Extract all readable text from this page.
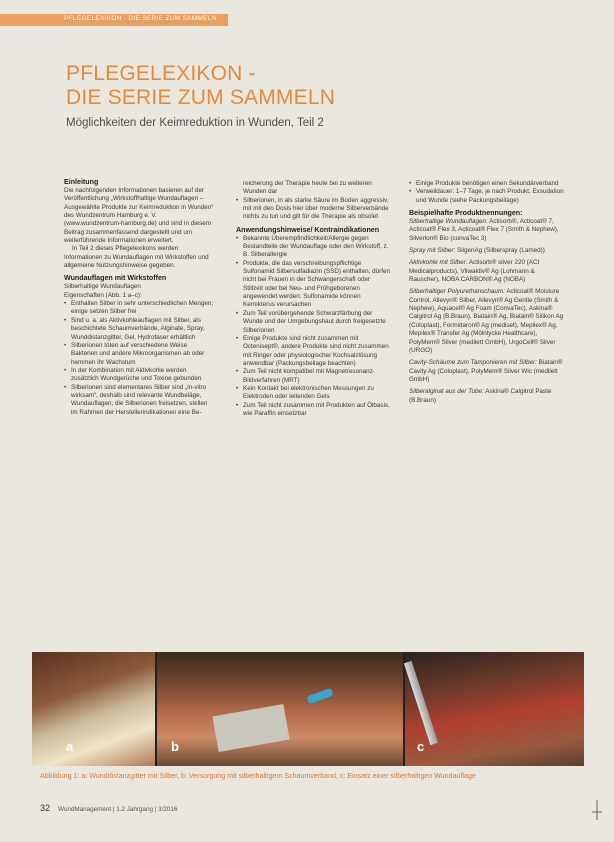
PFLEGELEXIKON · DIE SERIE ZUM SAMMELN
PFLEGELEXIKON -
DIE SERIE ZUM SAMMELN
Möglichkeiten der Keimreduktion in Wunden, Teil 2
Einleitung

Die nachfolgenden Informationen basieren auf der Veröffentlichung „Wirkstoffhaltige Wundauflagen – Ausgewählte Produkte zur Keimreduktion in Wunden“ des Wundzentrum Hamburg e. V. (www.wundzentrum-hamburg.de) und sind in diesem Beitrag zusammenfassend dargestellt und um weiterführende Informationen erweitert.

In Teil 2 dieses Pflegelexikons werden Informationen zu Wundauflagen mit Wirkstoffen und allgemeine Nutzungshinweise gegeben.

Wundauflagen mit Wirkstoffen
Silberhaltige Wundauflagen
Eigenschaften (Abb. 1 a–c):

• Enthalten Silber in sehr unterschiedlichen Mengen; einige setzen Silber frei

• Sind u. a. als Aktivkohleauflagen mit Silber, als beschichtete Schaumverbände, Alginate, Spray, Wunddistanzgitter, Gel, Hydrofaser erhältlich

• Silberionen töten auf verschiedene Weise Bakterien und andere Mikroorganismen ab oder hemmen ihr Wachstum

• In der Kombination mit Aktivkohle werden zusätzlich Wundgerüche und Toxine gebunden

• Silberionen sind elementares Silber sind „in-vitro wirksam“, deshalb sind relevante Wundbeläge, Wundauflagen, die Silberionen freisetzen, stellen im Rahmen der Herstellerindikationen eine Be-

reicherung der Therapie heute bei zu weiteren Wunden dar

• Silberionen, in als starke Säure im Boden aggressiv, mit mit den Dosis hier über moderne Silberverbände nichts zu tun und gilt für die Therapie als obsolet

Anwendungshinweise/ Kontraindikationen

• Bekannte Überempfindlichkeit/Allergie gegen Bestandteile der Wundauflage oder den Wirkstoff, z. B. Silberallergie

• Produkte, die das verschreibungspflichtige Sulfonamid Silbersulfadiazin (SSD) enthalten, dürfen nicht bei Frauen in der Schwangerschaft oder Stillzeit oder bei Neu- und Frühgeborenen angewendet werden: Sulfonamide können Kernikterus verursachen

• Zum Teil vorübergehende Schwarzfärbung der Wunde und der Umgebungshaut durch freigesetzte Silberionen

• Einige Produkte sind nicht zusammen mit Octenisept®, andere Produkte sind nicht zusammen mit Ringer oder physiologischer Kochsalzlösung anwendbar (Packungsbeilage beachten)

• Zum Teil nicht kompatibel mit Magnetresonanz-Bildverfahren (MRT)

• Kein Kontakt bei elektronischen Messungen zu Elektroden oder leitenden Gels

• Zum Teil nicht zusammen mit Produkten auf Ölbasis, wie Paraffin einsetzbar

• Einige Produkte benötigen einen Sekundärverband

• Verweildauer: 1–7 Tage, je nach Produkt, Exsudation und Wunde (siehe Packungsbeilage)

Beispielhafte Produktnennungen:

Silberhaltige Wundauflagen: Actisorb®, Acticoat® 7, Acticoat® Flex 3, Acticoat® Flex 7 (Smith & Nephew), Silverlon® Bio (convaTec 3)

Spray mit Silber: SilgenAg (Silberspray (Lamed))

Aktivkohle mit Silber: Actisorb® silver 220 (ACI Medicalproducts), Vliwaktiv® Ag (Lohmann & Rauscher), NOBA CARBON® Ag (NOBA)

Silberhaltiger Polyurethanschaum: Acticoat® Moisture Control, Allevyn® Silber, Allevyn® Ag Gentle (Smith & Nephew), Aquacel® Ag Foam (ConvaTec), Askina® Calgitrol Ag (B.Braun), Biatain® Ag, Biatain® Silikon Ag (Coloplast), Formidaron® Ag (mediset), Mepilex® Ag, Mepilex® Transfer Ag (Mölnlycke Healthcare), PolyMem® Silver (medilett GmbH), UrgoCell® Silver (URGO)

Cavity-Schäume zum Tamponieren mit Silber: Biatain® Cavity Ag (Coloplast), PolyMem® Silver Wic (medilett GmbH)

Silberalginat aus der Tube: Askina® Calgitrol Paste (B.Braun)

a	b	c
Abbildung 1: a: Wunddistanzgitter mit Silber, b: Versorgung mit silberhaltigem Schaumverband, c: Einsatz einer silberhaltigen Wundauflage
32 WundManagement | 1.2 Jahrgang | 3/2016
